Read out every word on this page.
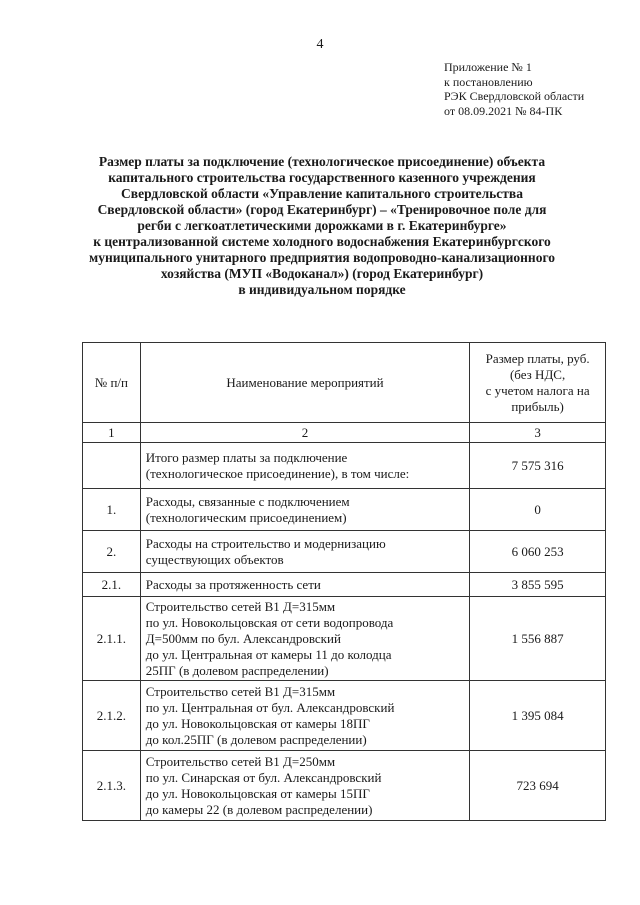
4
Приложение № 1
к постановлению
РЭК Свердловской области
от 08.09.2021 № 84-ПК
Размер платы за подключение (технологическое присоединение) объекта
капитального строительства государственного казенного учреждения
Свердловской области «Управление капитального строительства
Свердловской области» (город Екатеринбург) – «Тренировочное поле для
регби с легкоатлетическими дорожками в г. Екатеринбурге»
к централизованной системе холодного водоснабжения Екатеринбургского
муниципального унитарного предприятия водопроводно-канализационного
хозяйства (МУП «Водоканал») (город Екатеринбург)
в индивидуальном порядке
№ п/п	Наименование мероприятий	Размер платы, руб.
(без НДС,
с учетом налога на
прибыль)

1	2	3

	Итого размер платы за подключение
(технологическое присоединение), в том числе:	7 575 316
1.	Расходы, связанные с подключением
(технологическим присоединением)	0
2.	Расходы на строительство и модернизацию
существующих объектов	6 060 253
2.1.	Расходы за протяженность сети	3 855 595
2.1.1.	Строительство сетей В1 Д=315мм
по ул. Новокольцовская от сети водопровода
Д=500мм по бул. Александровский
до ул. Центральная от камеры 11 до колодца
25ПГ (в долевом распределении)	1 556 887
2.1.2.	Строительство сетей В1 Д=315мм
по ул. Центральная от бул. Александровский
до ул. Новокольцовская от камеры 18ПГ
до кол.25ПГ (в долевом распределении)	1 395 084
2.1.3.	Строительство сетей В1 Д=250мм
по ул. Синарская от бул. Александровский
до ул. Новокольцовская от камеры 15ПГ
до камеры 22 (в долевом распределении)	723 694
